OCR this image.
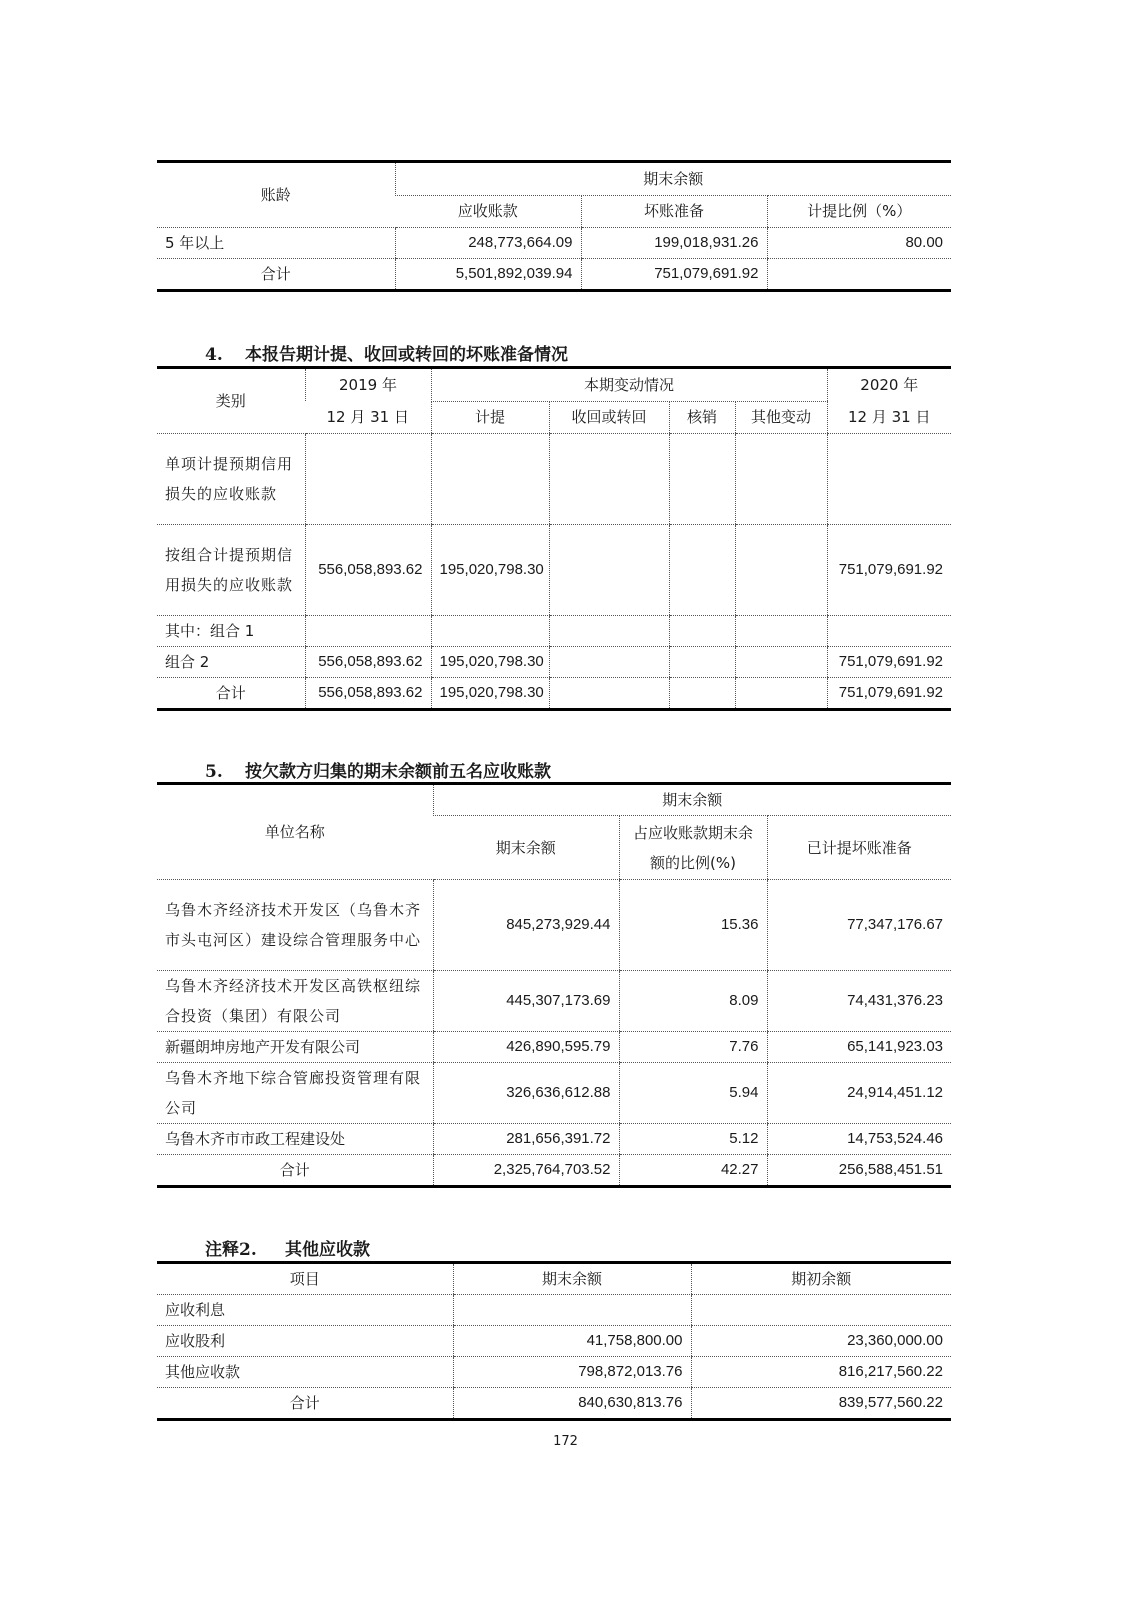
账龄	期末余额		
	应收账款	坏账准备	计提比例（%）
5 年以上	248,773,664.09	199,018,931.26	80.00
合计	5,501,892,039.94	751,079,691.92	
4. 本报告期计提、收回或转回的坏账准备情况
类别	2019 年	本期变动情况				2020 年
	12 月 31 日	计提	收回或转回	核销	其他变动	12 月 31 日
单项计提预期信用损失的应收账款						
按组合计提预期信用损失的应收账款	556,058,893.62	195,020,798.30				751,079,691.92
其中：组合 1						
组合 2	556,058,893.62	195,020,798.30				751,079,691.92
合计	556,058,893.62	195,020,798.30				751,079,691.92
5. 按欠款方归集的期末余额前五名应收账款
单位名称	期末余额		
	期末余额	占应收账款期末余额的比例(%)	已计提坏账准备
乌鲁木齐经济技术开发区（乌鲁木齐市头屯河区）建设综合管理服务中心	845,273,929.44	15.36	77,347,176.67
乌鲁木齐经济技术开发区高铁枢纽综合投资（集团）有限公司	445,307,173.69	8.09	74,431,376.23
新疆朗坤房地产开发有限公司	426,890,595.79	7.76	65,141,923.03
乌鲁木齐地下综合管廊投资管理有限公司	326,636,612.88	5.94	24,914,451.12
乌鲁木齐市市政工程建设处	281,656,391.72	5.12	14,753,524.46
合计	2,325,764,703.52	42.27	256,588,451.51
注释2. 其他应收款
项目	期末余额	期初余额
应收利息		
应收股利	41,758,800.00	23,360,000.00
其他应收款	798,872,013.76	816,217,560.22
合计	840,630,813.76	839,577,560.22
172
